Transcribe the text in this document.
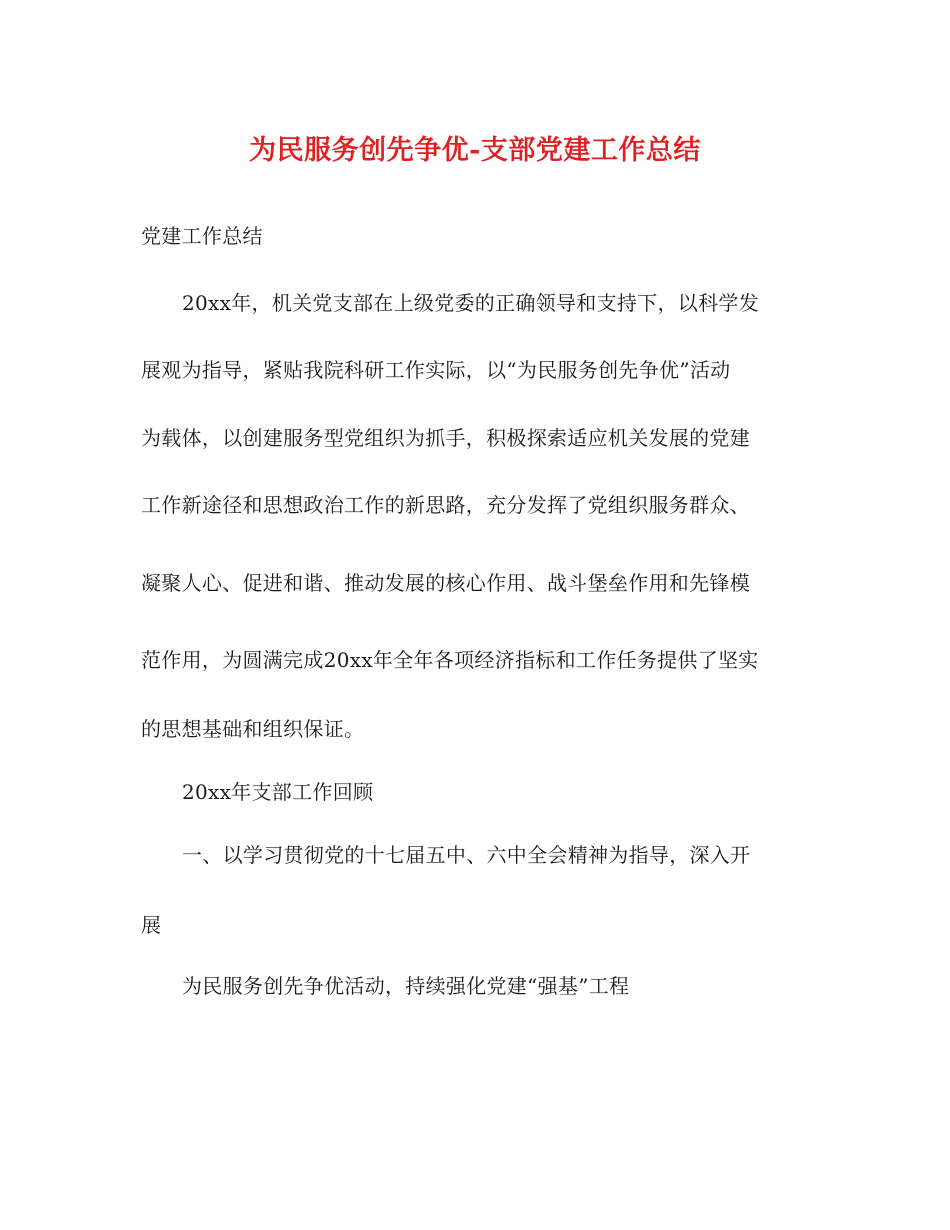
为民服务创先争优-支部党建工作总结
党建工作总结
20xx年，机关党支部在上级党委的正确领导和支持下，以科学发
展观为指导，紧贴我院科研工作实际，以“为民服务创先争优”活动
为载体，以创建服务型党组织为抓手，积极探索适应机关发展的党建
工作新途径和思想政治工作的新思路，充分发挥了党组织服务群众、
凝聚人心、促进和谐、推动发展的核心作用、战斗堡垒作用和先锋模
范作用，为圆满完成20xx年全年各项经济指标和工作任务提供了坚实
的思想基础和组织保证。
20xx年支部工作回顾
一、以学习贯彻党的十七届五中、六中全会精神为指导，深入开
展
为民服务创先争优活动，持续强化党建“强基”工程
